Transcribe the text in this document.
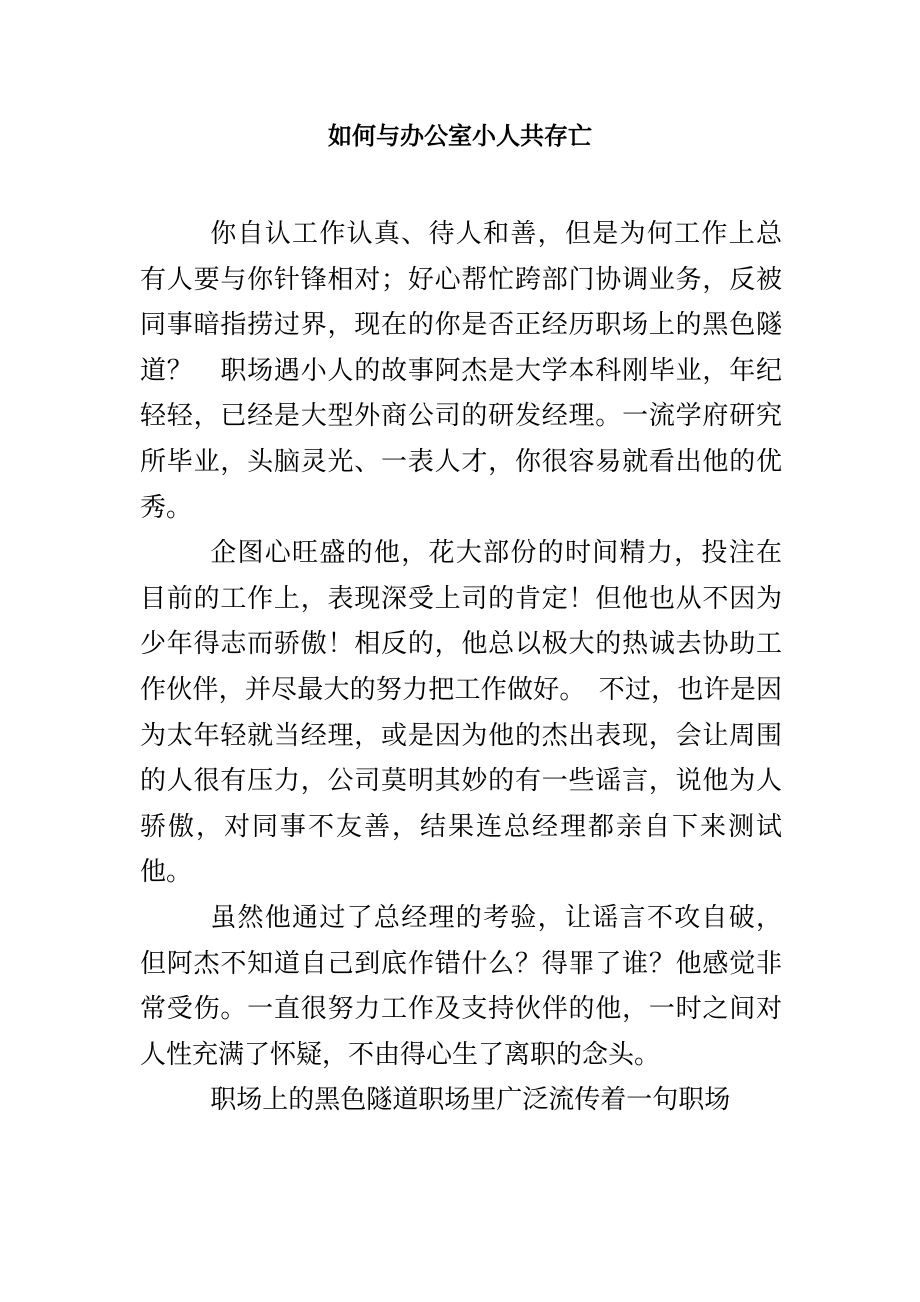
如何与办公室小人共存亡

你自认工作认真、待人和善，但是为何工作上总有人要与你针锋相对；好心帮忙跨部门协调业务，反被同事暗指捞过界，现在的你是否正经历职场上的黑色隧道？　职场遇小人的故事阿杰是大学本科刚毕业，年纪轻轻，已经是大型外商公司的研发经理。一流学府研究所毕业，头脑灵光、一表人才，你很容易就看出他的优秀。

企图心旺盛的他，花大部份的时间精力，投注在目前的工作上，表现深受上司的肯定！但他也从不因为少年得志而骄傲！相反的，他总以极大的热诚去协助工作伙伴，并尽最大的努力把工作做好。　不过，也许是因为太年轻就当经理，或是因为他的杰出表现，会让周围的人很有压力，公司莫明其妙的有一些谣言，说他为人骄傲，对同事不友善，结果连总经理都亲自下来测试他。

虽然他通过了总经理的考验，让谣言不攻自破，但阿杰不知道自己到底作错什么？得罪了谁？他感觉非常受伤。一直很努力工作及支持伙伴的他，一时之间对人性充满了怀疑，不由得心生了离职的念头。

职场上的黑色隧道职场里广泛流传着一句职场
